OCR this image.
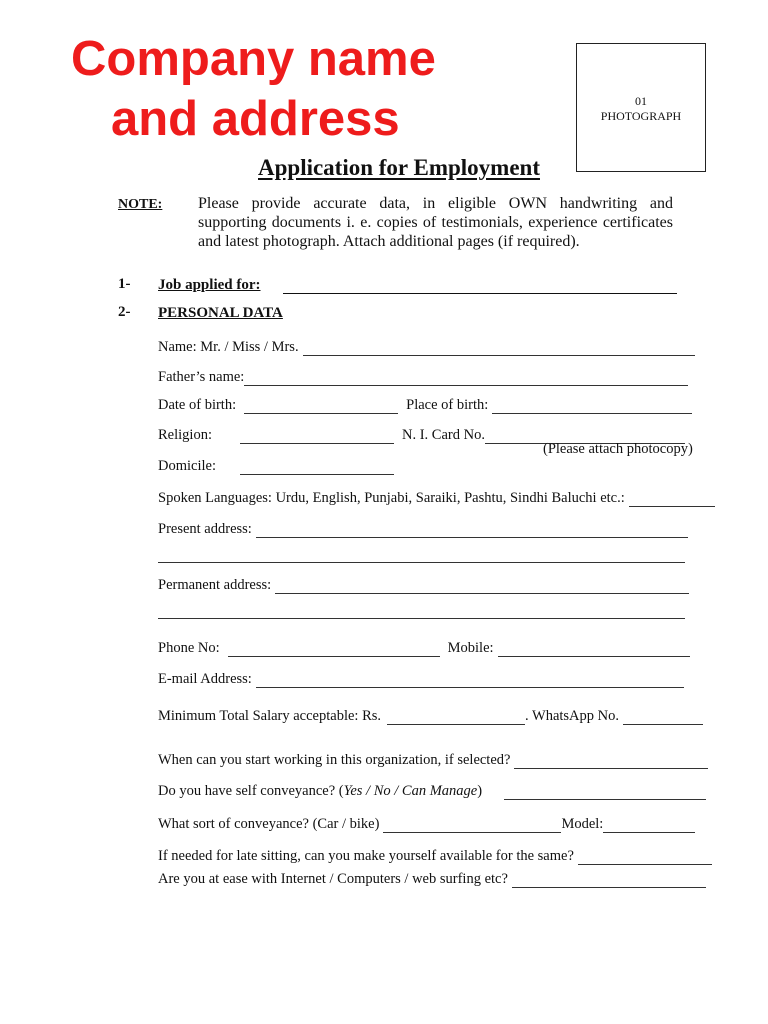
Company name
and address	01
PHOTOGRAPH
Application for Employment
NOTE: Please provide accurate data, in eligible OWN handwriting and supporting documents i. e. copies of testimonials, experience certificates and latest photograph. Attach additional pages (if required).
1- Job applied for:
2- PERSONAL DATA
Name: Mr. / Miss / Mrs.
Father’s name:
Date of birth:	Place of birth:
Religion:	N. I. Card No.
(Please attach photocopy)
Domicile:
Spoken Languages: Urdu, English, Punjabi, Saraiki, Pashtu, Sindhi Baluchi etc.:
Present address:
Permanent address:
Phone No:	Mobile:
E-mail Address:
Minimum Total Salary acceptable: Rs.	. WhatsApp No.
When can you start working in this organization, if selected?
Do you have self conveyance? (Yes / No / Can Manage)
What sort of conveyance? (Car / bike)	Model:
If needed for late sitting, can you make yourself available for the same?
Are you at ease with Internet / Computers / web surfing etc?
